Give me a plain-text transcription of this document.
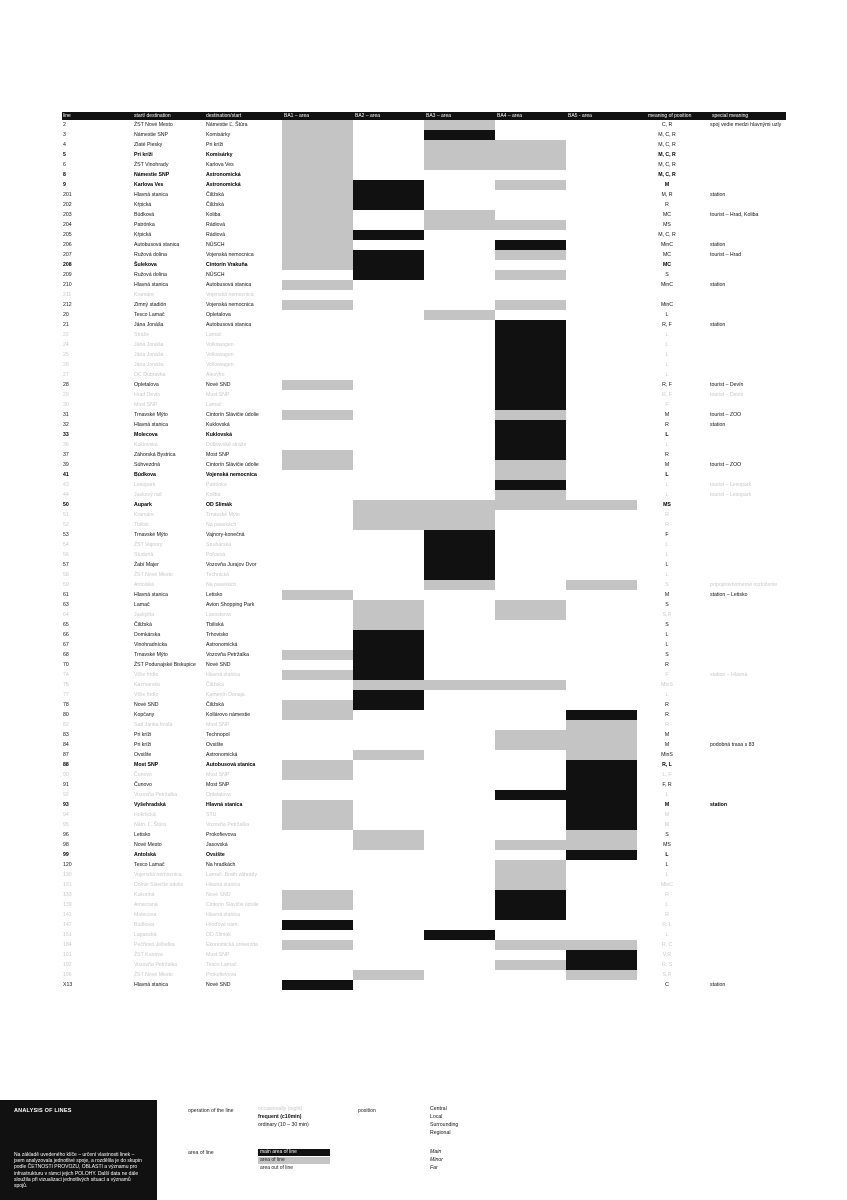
line	start/ destination	destination/start	BA1 – area	BA2 – area	BA3 – area	BA4 – area	BA5 - area	meaning of position	special meaning
2	ŽST Nové Mesto	Námestie Ľ. Štúra	C, R	spoj vedie medzi hlavnými uzly
3	Námestie SNP	Komisárky	M, C, R
4	Zlaté Piesky	Pri kríži	M, C, R
5	Pri kríži	Komisárky	M, C, R
6	ŽST Vinohrady	Karlova Ves	M, C, R
8	Námestie SNP	Astronomická	M, C, R
9	Karlova Ves	Astronomická	M
201	Hlavná stanica	Čiližská	M, R	station
202	Kŕpická	Čiližská	R
203	Búdková	Koliba	MC	tourist – Hrad, Koliba
204	Patrónka	Rádiová	MS
205	Kŕpická	Rádiová	M, C, R
206	Autobusová stanica	NÚSCH	MinC	station
207	Ružová dolina	Vojenská nemocnica	MC	tourist – Hrad
208	Šulekova	Cintorín Vrakuňa	MC
209	Ružová dolina	NÚSCH	S
210	Hlavná stanica	Autobusová stanica	MinC	station
211	Kramáre	Vojenská nemocnica
212	Zimný stadión	Vojenská nemocnica	MinC
20	Tesco Lamač	Opletalova	L
21	Jána Jonáša	Autobusová stanica	R, F	station
22	Stráže	Lamač	L
24	Jána Jonáša	Volkswagen	L
25	Jána Jonáša	Volkswagen	L
26	Jána Jonáša	Volkswagen	L
27	OC Dúbravka	Alexyho	L
28	Opletalova	Nové SND	R, F	tourist – Devín
29	Hrad Devín	Most SNP	R, F	tourist – Devín
30	Most SNP	Lamač	F
31	Trnavské Mýto	Cintorín Slávičie údolie	M	tourist – ZOO
32	Hlavná stanica	Kuklovská	R	station
33	Molecova	Kuklovská	L
36	Kuklovská	Dúbravské stráže	L
37	Záhorská Bystrica	Most SNP	R
39	Súhvezdná	Cintorín Slávičie údolie	M	tourist – ZOO
41	Búdkova	Vojenská nemocnica	L
43	Lesopark	Patrónka	L	tourist – Lesopark
44	Jaskový rad	Koliba	L	tourist – Lesopark
50	Aupark	OD Slimák	MS
51	Kramáre	Trnavské Mýto	R
52	Tbilisk	Na pasekách	R
53	Trnavské Mýto	Vajnory-konečná	F
54	ŽST Vajnory	Struhárska	L
56	Studená	Poľovná	L
57	Žabí Majer	Vozovňa Jurajov Dvor	L
58	ŽST Nové Mesto	Technická	L
59	Antolská	Na pasekách	S	prípoj/rovnomerné rozloženie
61	Hlavná stanica	Letisko	M	station – Letisko
63	Lamač	Avion Shopping Park	S
64	Jaskylňa	Lasoskova	S,R
65	Čiližská	Tbiliská	S
66	Domkárska	Trhovisko	L
67	Vinohradnícka	Astronomická	L
68	Trnavské Mýto	Vozovňa Petržalka	S
70	ŽST Podunajské Biskupice Nové SND	R
74	Vlčie hrdlo	Hlavná stanica	F	station – Hlavná
75	Kazmarská	Čiližská	MinS
77	Vlčie hrdlo	Kamenín Donaja	L
78	Nové SND	Čiližská	R
80	Kopčany	Kollárovo námestie	R
82	Sad Janka Kráľa	Most SNP	R
83	Pri kríži	Technopol	M
84	Pri kríži	Ovsište	M	podobná trasa s 83
87	Ovsište	Astronomická	MinS
88	Most SNP	Autobusová stanica	R, L
90	Čunovo	Most SNP	L, F
91	Čunovo	Most SNP	F, R
92	Vozovňa Petržalka	Opletalova	L
93	Vyšehradská	Hlavná stanica	M	station
94	Hokrtická	STU	M
95	Nám. Ľ. Štúra	Vozovňa Petržalka	M
96	Letisko	Prokofievova	S
98	Nové Mesto	Jasovská	MS
99	Antolská	Ovsište	L
120	Tesco Lamač	Na hradkách	L
130	Vojenská nemocnica	Lamač- Brath záhrady	L
131	Dolnie Slávičie údolie	Hlavná stanica	MinC
133	Kukoriná	Nové SND	R
139	Amarcana	Cintorín Slávičie údolie	L
141	Molecova	Hlavná stanica	R
147	Búdkova	Hroďové nám.	R, L
151	Lapanská	OD Slimák	L
184	Pečňová Jelbelka	Ekonomická univerzita	R, C
191	ŽST Kunova	Most SNP	V,R
192	Vozovňa Petržalka	Tesco Lamač	R, S
196	ŽST Nové Mesto	Prokofievova	S,R
X13	Hlavná stanica	Nové SND	C	station
ANALYSIS OF LINES
Na základě uvedeného klíče – určení vlastnosti linek – jsem analyzovala jednotlivé spoje, a rozdělila je do skupin podle ČETNOSTI PROVOZU, OBLASTI a významu pro infrastrukturu v rámci jejich POLOHY. Další data ne dále sloužila při vizualizaci jednotlivých situací a významů spojů.
operation of the line	occasionally (night)
frequent (c10min)
ordinary (10 – 30 min)
position	Central
Local
Surrounding
Regional
area of line	main area of line
area of line
area out of line
Main
Minor
Far
